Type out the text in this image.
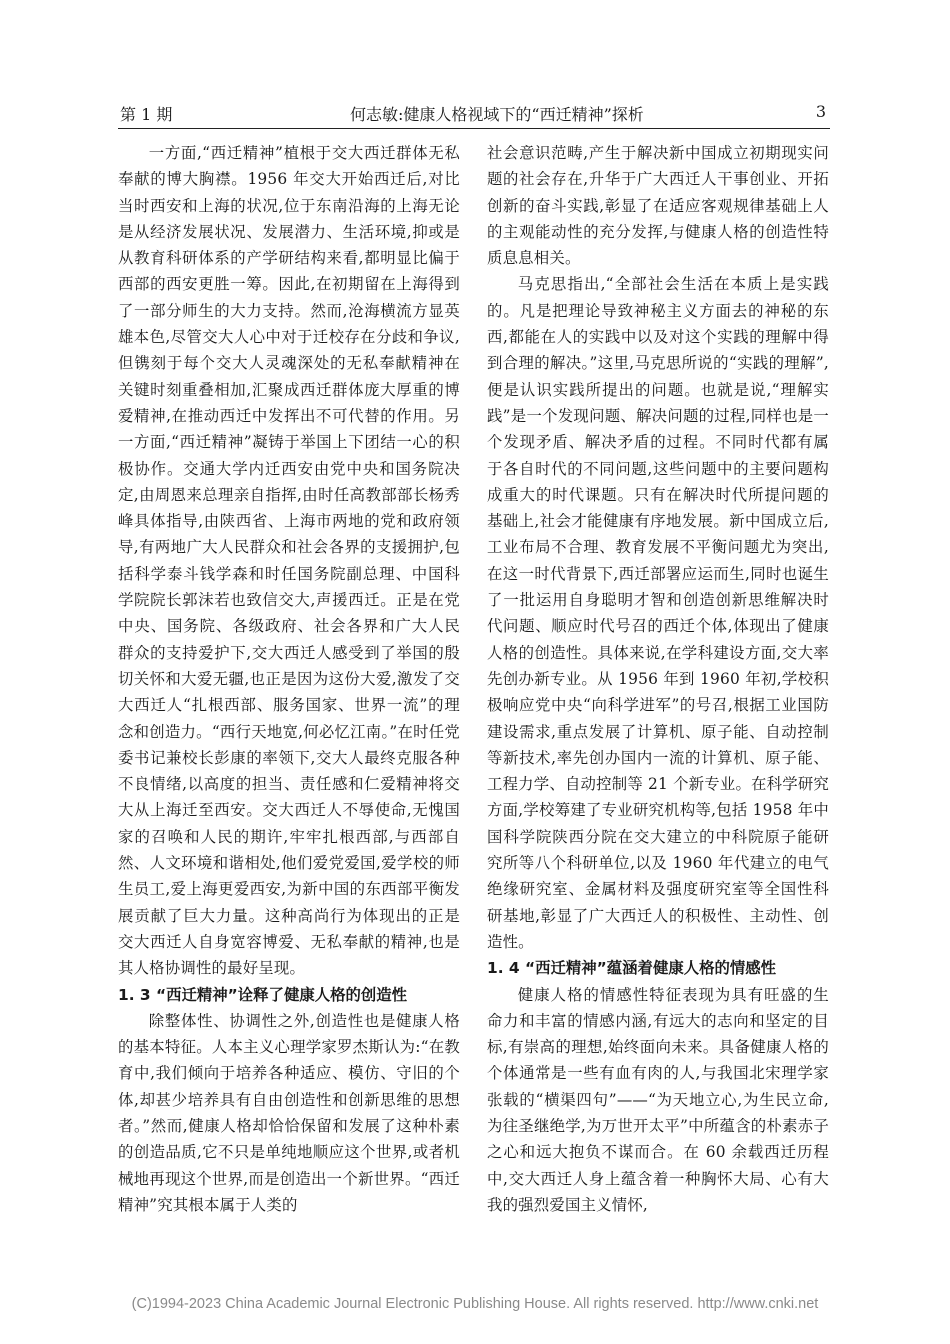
第 1 期	何志敏:健康人格视域下的“西迁精神”探析	3

一方面,“西迁精神”植根于交大西迁群体无私奉献的博大胸襟。1956 年交大开始西迁后,对比当时西安和上海的状况,位于东南沿海的上海无论是从经济发展状况、发展潜力、生活环境,抑或是从教育科研体系的产学研结构来看,都明显比偏于西部的西安更胜一筹。因此,在初期留在上海得到了一部分师生的大力支持。然而,沧海横流方显英雄本色,尽管交大人心中对于迁校存在分歧和争议,但镌刻于每个交大人灵魂深处的无私奉献精神在关键时刻重叠相加,汇聚成西迁群体庞大厚重的博爱精神,在推动西迁中发挥出不可代替的作用。另一方面,“西迁精神”凝铸于举国上下团结一心的积极协作。交通大学内迁西安由党中央和国务院决定,由周恩来总理亲自指挥,由时任高教部部长杨秀峰具体指导,由陕西省、上海市两地的党和政府领导,有两地广大人民群众和社会各界的支援拥护,包括科学泰斗钱学森和时任国务院副总理、中国科学院院长郭沫若也致信交大,声援西迁。正是在党中央、国务院、各级政府、社会各界和广大人民群众的支持爱护下,交大西迁人感受到了举国的殷切关怀和大爱无疆,也正是因为这份大爱,激发了交大西迁人“扎根西部、服务国家、世界一流”的理念和创造力。“西行天地宽,何必忆江南。”在时任党委书记兼校长彭康的率领下,交大人最终克服各种不良情绪,以高度的担当、责任感和仁爱精神将交大从上海迁至西安。交大西迁人不辱使命,无愧国家的召唤和人民的期许,牢牢扎根西部,与西部自然、人文环境和谐相处,他们爱党爱国,爱学校的师生员工,爱上海更爱西安,为新中国的东西部平衡发展贡献了巨大力量。这种高尚行为体现出的正是交大西迁人自身宽容博爱、无私奉献的精神,也是其人格协调性的最好呈现。

1. 3 “西迁精神”诠释了健康人格的创造性

除整体性、协调性之外,创造性也是健康人格的基本特征。人本主义心理学家罗杰斯认为:“在教育中,我们倾向于培养各种适应、模仿、守旧的个体,却甚少培养具有自由创造性和创新思维的思想者。”然而,健康人格却恰恰保留和发展了这种朴素的创造品质,它不只是单纯地顺应这个世界,或者机械地再现这个世界,而是创造出一个新世界。“西迁精神”究其根本属于人类的

社会意识范畴,产生于解决新中国成立初期现实问题的社会存在,升华于广大西迁人干事创业、开拓创新的奋斗实践,彰显了在适应客观规律基础上人的主观能动性的充分发挥,与健康人格的创造性特质息息相关。

马克思指出,“全部社会生活在本质上是实践的。凡是把理论导致神秘主义方面去的神秘的东西,都能在人的实践中以及对这个实践的理解中得到合理的解决。”这里,马克思所说的“实践的理解”,便是认识实践所提出的问题。也就是说,“理解实践”是一个发现问题、解决问题的过程,同样也是一个发现矛盾、解决矛盾的过程。不同时代都有属于各自时代的不同问题,这些问题中的主要问题构成重大的时代课题。只有在解决时代所提问题的基础上,社会才能健康有序地发展。新中国成立后,工业布局不合理、教育发展不平衡问题尤为突出,在这一时代背景下,西迁部署应运而生,同时也诞生了一批运用自身聪明才智和创造创新思维解决时代问题、顺应时代号召的西迁个体,体现出了健康人格的创造性。具体来说,在学科建设方面,交大率先创办新专业。从 1956 年到 1960 年初,学校积极响应党中央“向科学进军”的号召,根据工业国防建设需求,重点发展了计算机、原子能、自动控制等新技术,率先创办国内一流的计算机、原子能、工程力学、自动控制等 21 个新专业。在科学研究方面,学校筹建了专业研究机构等,包括 1958 年中国科学院陕西分院在交大建立的中科院原子能研究所等八个科研单位,以及 1960 年代建立的电气绝缘研究室、金属材料及强度研究室等全国性科研基地,彰显了广大西迁人的积极性、主动性、创造性。

1. 4 “西迁精神”蕴涵着健康人格的情感性

健康人格的情感性特征表现为具有旺盛的生命力和丰富的情感内涵,有远大的志向和坚定的目标,有崇高的理想,始终面向未来。具备健康人格的个体通常是一些有血有肉的人,与我国北宋理学家张载的“横渠四句”——“为天地立心,为生民立命,为往圣继绝学,为万世开太平”中所蕴含的朴素赤子之心和远大抱负不谋而合。在 60 余载西迁历程中,交大西迁人身上蕴含着一种胸怀大局、心有大我的强烈爱国主义情怀,

(C)1994-2023 China Academic Journal Electronic Publishing House. All rights reserved. http://www.cnki.net
